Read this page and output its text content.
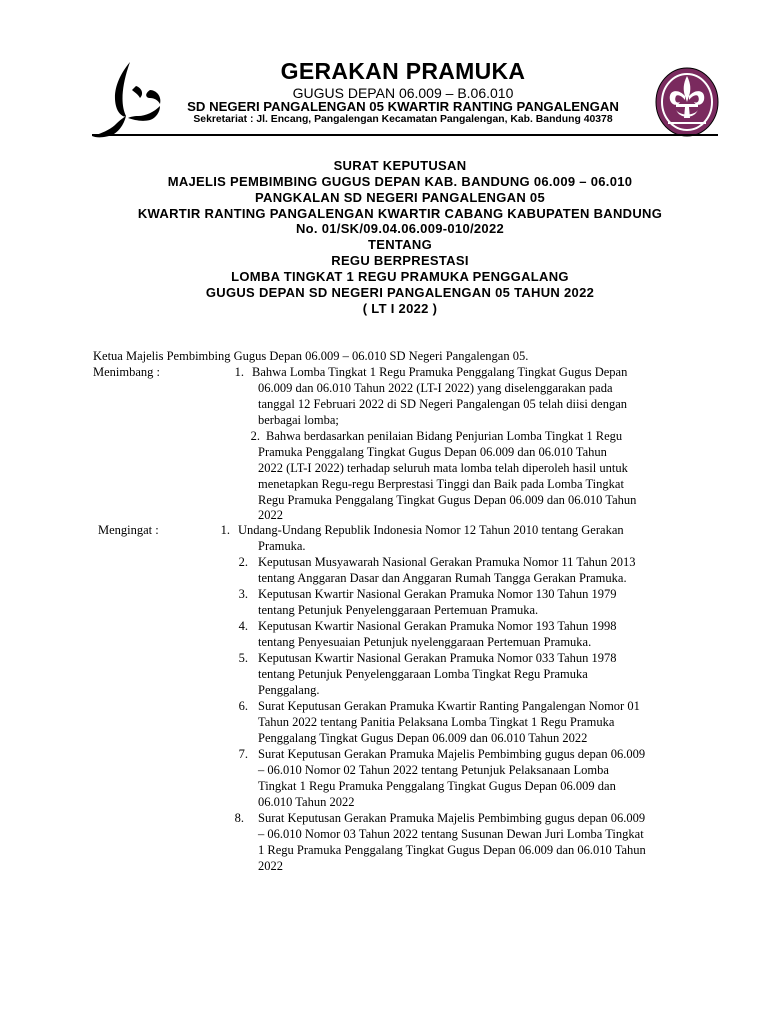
GERAKAN PRAMUKA
GUGUS DEPAN 06.009 – B.06.010
SD NEGERI PANGALENGAN 05 KWARTIR RANTING PANGALENGAN
Sekretariat : Jl. Encang, Pangalengan Kecamatan Pangalengan, Kab. Bandung 40378
SURAT KEPUTUSAN
MAJELIS PEMBIMBING GUGUS DEPAN KAB. BANDUNG 06.009 – 06.010
PANGKALAN SD NEGERI PANGALENGAN 05
KWARTIR RANTING PANGALENGAN KWARTIR CABANG KABUPATEN BANDUNG
No. 01/SK/09.04.06.009-010/2022
TENTANG
REGU BERPRESTASI
LOMBA TINGKAT 1 REGU PRAMUKA PENGGALANG
GUGUS DEPAN SD NEGERI PANGALENGAN 05 TAHUN 2022
( LT I 2022 )
Ketua Majelis Pembimbing Gugus Depan 06.009 – 06.010 SD Negeri Pangalengan 05.
Menimbang :	1. Bahwa Lomba Tingkat 1 Regu Pramuka Penggalang Tingkat Gugus Depan
06.009 dan 06.010 Tahun 2022 (LT-I 2022) yang diselenggarakan pada
tanggal 12 Februari 2022 di SD Negeri Pangalengan 05 telah diisi dengan
berbagai lomba;
2. Bahwa berdasarkan penilaian Bidang Penjurian Lomba Tingkat 1 Regu
Pramuka Penggalang Tingkat Gugus Depan 06.009 dan 06.010 Tahun
2022 (LT-I 2022) terhadap seluruh mata lomba telah diperoleh hasil untuk
menetapkan Regu-regu Berprestasi Tinggi dan Baik pada Lomba Tingkat
Regu Pramuka Penggalang Tingkat Gugus Depan 06.009 dan 06.010 Tahun
2022
Mengingat :	1. Undang-Undang Republik Indonesia Nomor 12 Tahun 2010 tentang Gerakan
Pramuka.
2. Keputusan Musyawarah Nasional Gerakan Pramuka Nomor 11 Tahun 2013
tentang Anggaran Dasar dan Anggaran Rumah Tangga Gerakan Pramuka.
3. Keputusan Kwartir Nasional Gerakan Pramuka Nomor 130 Tahun 1979
tentang Petunjuk Penyelenggaraan Pertemuan Pramuka.
4. Keputusan Kwartir Nasional Gerakan Pramuka Nomor 193 Tahun 1998
tentang Penyesuaian Petunjuk nyelenggaraan Pertemuan Pramuka.
5. Keputusan Kwartir Nasional Gerakan Pramuka Nomor 033 Tahun 1978
tentang Petunjuk Penyelenggaraan Lomba Tingkat Regu Pramuka
Penggalang.
6. Surat Keputusan Gerakan Pramuka Kwartir Ranting Pangalengan Nomor 01
Tahun 2022 tentang Panitia Pelaksana Lomba Tingkat 1 Regu Pramuka
Penggalang Tingkat Gugus Depan 06.009 dan 06.010 Tahun 2022
7. Surat Keputusan Gerakan Pramuka Majelis Pembimbing gugus depan 06.009
– 06.010 Nomor 02 Tahun 2022 tentang Petunjuk Pelaksanaan Lomba
Tingkat 1 Regu Pramuka Penggalang Tingkat Gugus Depan 06.009 dan
06.010 Tahun 2022
8. Surat Keputusan Gerakan Pramuka Majelis Pembimbing gugus depan 06.009
– 06.010 Nomor 03 Tahun 2022 tentang Susunan Dewan Juri Lomba Tingkat
1 Regu Pramuka Penggalang Tingkat Gugus Depan 06.009 dan 06.010 Tahun
2022
